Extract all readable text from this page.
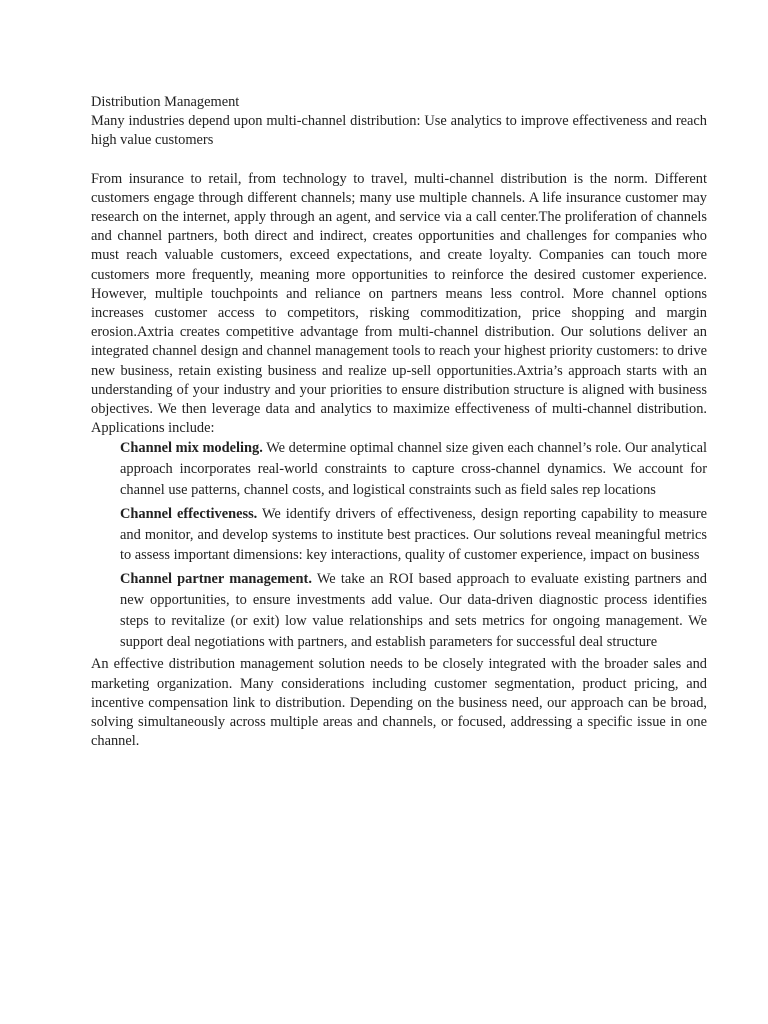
Distribution Management

Many industries depend upon multi-channel distribution: Use analytics to improve effectiveness and reach high value customers

From insurance to retail, from technology to travel, multi-channel distribution is the norm. Different customers engage through different channels; many use multiple channels. A life insurance customer may research on the internet, apply through an agent, and service via a call center.The proliferation of channels and channel partners, both direct and indirect, creates opportunities and challenges for companies who must reach valuable customers, exceed expectations, and create loyalty. Companies can touch more customers more frequently, meaning more opportunities to reinforce the desired customer experience. However, multiple touchpoints and reliance on partners means less control. More channel options increases customer access to competitors, risking commoditization, price shopping and margin erosion.Axtria creates competitive advantage from multi-channel distribution. Our solutions deliver an integrated channel design and channel management tools to reach your highest priority customers: to drive new business, retain existing business and realize up-sell opportunities.Axtria’s approach starts with an understanding of your industry and your priorities to ensure distribution structure is aligned with business objectives. We then leverage data and analytics to maximize effectiveness of multi-channel distribution. Applications include:

Channel mix modeling. We determine optimal channel size given each channel’s role. Our analytical approach incorporates real-world constraints to capture cross-channel dynamics. We account for channel use patterns, channel costs, and logistical constraints such as field sales rep locations
Channel effectiveness. We identify drivers of effectiveness, design reporting capability to measure and monitor, and develop systems to institute best practices. Our solutions reveal meaningful metrics to assess important dimensions: key interactions, quality of customer experience, impact on business
Channel partner management. We take an ROI based approach to evaluate existing partners and new opportunities, to ensure investments add value. Our data-driven diagnostic process identifies steps to revitalize (or exit) low value relationships and sets metrics for ongoing management. We support deal negotiations with partners, and establish parameters for successful deal structure

An effective distribution management solution needs to be closely integrated with the broader sales and marketing organization. Many considerations including customer segmentation, product pricing, and incentive compensation link to distribution. Depending on the business need, our approach can be broad, solving simultaneously across multiple areas and channels, or focused, addressing a specific issue in one channel.
